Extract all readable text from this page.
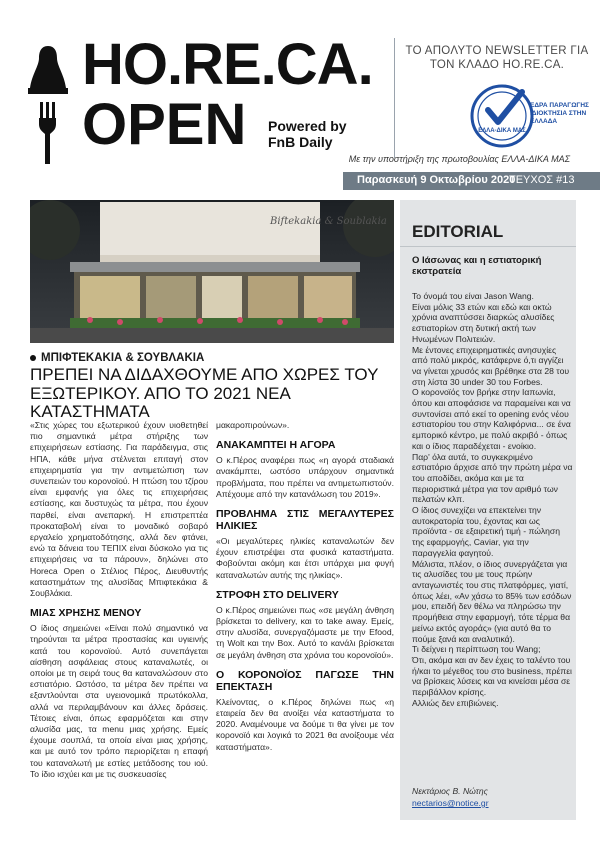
HO.RE.CA.
OPEN Powered by
FnB Daily
ΤΟ ΑΠΟΛΥΤΟ NEWSLETTER ΓΙΑ ΤΟΝ ΚΛΑΔΟ HO.RE.CA.
ΕΛΛΑ-ΔΙΚΑ ΜΑΣ
ΕΔΡΑ ΠΑΡΑΓΩΓΗΣ ΙΔΙΟΚΤΗΣΙΑ ΣΤΗΝ ΕΛΛΑΔΑ
Με την υποστήριξη της πρωτοβουλίας ΕΛΛΑ-ΔΙΚΑ ΜΑΣ
Παρασκευή 9 Οκτωβρίου 2020
ΤΕΥΧΟΣ #13
Biftekakia & Soublakia
ΜΠΙΦΤΕΚΑΚΙΑ & ΣΟΥΒΛΑΚΙΑ
ΠΡΕΠΕΙ ΝΑ ΔΙΔΑΧΘΟΥΜΕ ΑΠΟ ΧΩΡΕΣ ΤΟΥ ΕΞΩΤΕΡΙΚΟΥ. ΑΠΟ ΤΟ 2021 ΝΕΑ ΚΑΤΑΣΤΗΜΑΤΑ

«Στις χώρες του εξωτερικού έχουν υιοθετηθεί πιο σημαντικά μέτρα στήριξης των επιχειρήσεων εστίασης. Για παράδειγμα, στις ΗΠΑ, κάθε μήνα στέλνεται επιταγή στον επιχειρηματία για την αντιμετώπιση των συνεπειών του κορονοϊού. Η πτώση του τζίρου είναι εμφανής για όλες τις επιχειρήσεις εστίασης, και δυστυχώς τα μέτρα, που έχουν παρθεί, είναι ανεπαρκή. Η επιστρεπτέα προκαταβολή είναι το μοναδικό σοβαρό εργαλείο χρηματοδότησης, αλλά δεν φτάνει, ενώ τα δάνεια του ΤΕΠΙΧ είναι δύσκολο για τις επιχειρήσεις να τα πάρουν», δηλώνει στο Horeca Open ο Στέλιος Πέρος, Διευθυντής καταστημάτων της αλυσίδας Μπιφτεκάκια & Σουβλάκια.

ΜΙΑΣ ΧΡΗΣΗΣ ΜΕΝΟΥ

Ο ίδιος σημειώνει «Είναι πολύ σημαντικό να τηρούνται τα μέτρα προστασίας και υγιεινής κατά του κορονοϊού. Αυτό συνεπάγεται αίσθηση ασφάλειας στους καταναλωτές, οι οποίοι με τη σειρά τους θα καταναλώσουν στο εστιατόριο. Ωστόσο, τα μέτρα δεν πρέπει να εξαντλούνται στα υγειονομικά πρωτόκολλα, αλλά να περιλαμβάνουν και άλλες δράσεις. Τέτοιες είναι, όπως εφαρμόζεται και στην αλυσίδα μας, τα menu μιας χρήσης. Εμείς έχουμε σουπλά, τα οποία είναι μιας χρήσης, και με αυτό τον τρόπο περιορίζεται η επαφή του καταναλωτή με εστίες μετάδοσης του ιού. Το ίδιο ισχύει και με τις συσκευασίες

μακαροπιρούνων».

ΑΝΑΚΑΜΠΤΕΙ Η ΑΓΟΡΑ

Ο κ.Πέρος αναφέρει πως «η αγορά σταδιακά ανακάμπτει, ωστόσο υπάρχουν σημαντικά προβλήματα, που πρέπει να αντιμετωπιστούν. Απέχουμε από την κατανάλωση του 2019».

ΠΡΟΒΛΗΜΑ ΣΤΙΣ ΜΕΓΑΛΥΤΕΡΕΣ ΗΛΙΚΙΕΣ

«Οι μεγαλύτερες ηλικίες καταναλωτών δεν έχουν επιστρέψει στα φυσικά καταστήματα. Φοβούνται ακόμη και έτσι υπάρχει μια φυγή καταναλωτών αυτής της ηλικίας».

ΣΤΡΟΦΗ ΣΤΟ DELIVERY

Ο κ.Πέρος σημειώνει πως «σε μεγάλη άνθηση βρίσκεται το delivery, και το take away. Εμείς, στην αλυσίδα, συνεργαζόμαστε με την Efood, τη Wolt και την Box. Αυτό το κανάλι βρίσκεται σε μεγάλη άνθηση στα χρόνια του κορονοϊού».

Ο ΚΟΡΟΝΟΪΟΣ ΠΑΓΩΣΕ ΤΗΝ ΕΠΕΚΤΑΣΗ

Κλείνοντας, ο κ.Πέρος δηλώνει πως «η εταιρεία δεν θα ανοίξει νέα καταστήματα το 2020. Αναμένουμε να δούμε τι θα γίνει με τον κορονοϊό και λογικά το 2021 θα ανοίξουμε νέα καταστήματα».

EDITORIAL
Ο Ιάσωνας και η εστιατορική εκστρατεία

Το όνομά του είναι Jason Wang.

Είναι μόλις 33 ετών και εδώ και οκτώ χρόνια αναπτύσσει διαρκώς αλυσίδες εστιατορίων στη δυτική ακτή των Ηνωμένων Πολιτειών.

Με έντονες επιχειρηματικές ανησυχίες από πολύ μικρός, κατάφερνε ό,τι αγγίζει να γίνεται χρυσός και βρέθηκε στα 28 του στη λίστα 30 under 30 του Forbes.

Ο κορονοϊός τον βρήκε στην Ιαπωνία, όπου και αποφάσισε να παραμείνει και να συντονίσει από εκεί το opening ενός νέου εστιατορίου του στην Καλιφόρνια... σε ένα εμπορικό κέντρο, με πολύ ακριβό - όπως και ο ίδιος παραδέχεται - ενοίκιο.

Παρ' όλα αυτά, το συγκεκριμένο εστιατόριο άρχισε από την πρώτη μέρα να του αποδίδει, ακόμα και με τα περιοριστικά μέτρα για τον αριθμό των πελατών κλπ.

Ο ίδιος συνεχίζει να επεκτείνει την αυτοκρατορία του, έχοντας και ως προϊόντα - σε εξαιρετική τιμή - πώληση της εφαρμογής, Caviar, για την παραγγελία φαγητού.

Μάλιστα, πλέον, ο ίδιος συνεργάζεται για τις αλυσίδες του με τους πρώην ανταγωνιστές του στις πλατφόρμες, γιατί, όπως λέει, «Αν χάσω το 85% των εσόδων μου, επειδή δεν θέλω να πληρώσω την προμήθεια στην εφαρμογή, τότε τέρμα θα μείνω εκτός αγοράς» (για αυτό θα το πούμε ξανά και αναλυτικά).

Τι δείχνει η περίπτωση του Wang;

Ότι, ακόμα και αν δεν έχεις το ταλέντο του ή/και το μέγεθος του στο business, πρέπει να βρίσκεις λύσεις και να κινείσαι μέσα σε περιβάλλον κρίσης.

Αλλιώς δεν επιβιώνεις.

Νεκτάριος Β. Νώτης
nectarios@notice.gr
